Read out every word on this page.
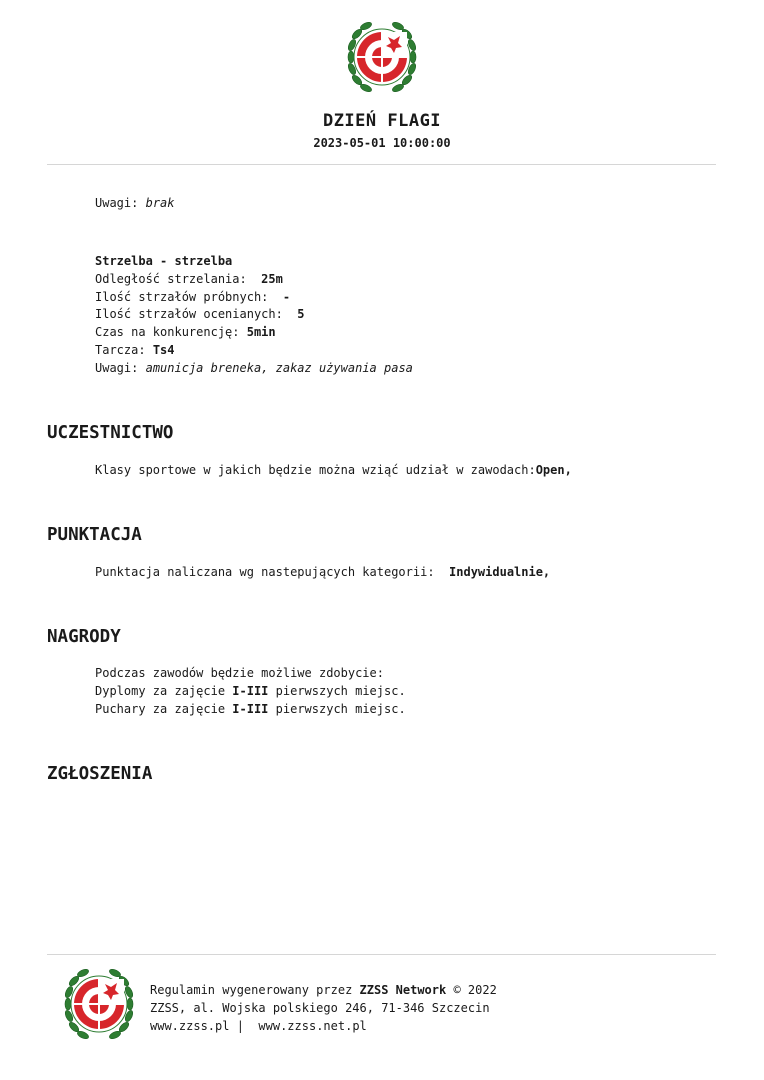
DZIEŃ FLAGI
2023-05-01 10:00:00
Uwagi: brak
Strzelba - strzelba
Odległość strzelania: 25m
Ilość strzałów próbnych: -
Ilość strzałów ocenianych: 5
Czas na konkurencję: 5min
Tarcza: Ts4
Uwagi: amunicja breneka, zakaz używania pasa
UCZESTNICTWO
Klasy sportowe w jakich będzie można wziąć udział w zawodach:Open,
PUNKTACJA
Punktacja naliczana wg nastepujących kategorii: Indywidualnie,
NAGRODY
Podczas zawodów będzie możliwe zdobycie:
Dyplomy za zajęcie I-III pierwszych miejsc.
Puchary za zajęcie I-III pierwszych miejsc.
ZGŁOSZENIA
Regulamin wygenerowany przez ZZSS Network © 2022
ZZSS, al. Wojska polskiego 246, 71-346 Szczecin
www.zzss.pl | www.zzss.net.pl
